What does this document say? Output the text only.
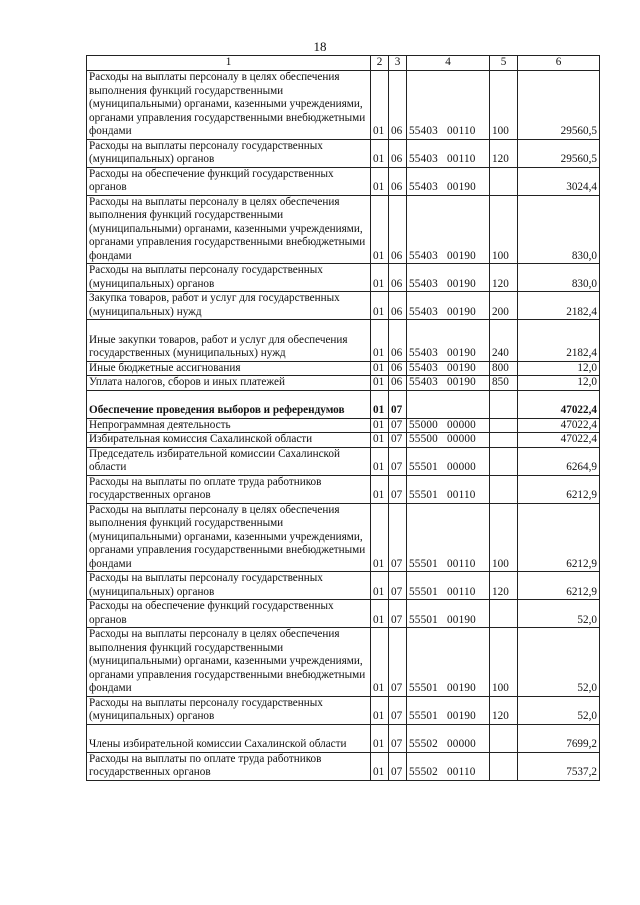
18
1	2	3	4	5	6
Расходы на выплаты персоналу в целях обеспечения выполнения функций государственными (муниципальными) органами, казенными учреждениями, органами управления государственными внебюджетными фондами	01	06	55403 00110	100	29560,5
Расходы на выплаты персоналу государственных (муниципальных) органов	01	06	55403 00110	120	29560,5
Расходы на обеспечение функций государственных органов	01	06	55403 00190		3024,4
Расходы на выплаты персоналу в целях обеспечения выполнения функций государственными (муниципальными) органами, казенными учреждениями, органами управления государственными внебюджетными фондами	01	06	55403 00190	100	830,0
Расходы на выплаты персоналу государственных (муниципальных) органов	01	06	55403 00190	120	830,0
Закупка товаров, работ и услуг для государственных (муниципальных) нужд	01	06	55403 00190	200	2182,4
Иные закупки товаров, работ и услуг для обеспечения государственных (муниципальных) нужд	01	06	55403 00190	240	2182,4
Иные бюджетные ассигнования	01	06	55403 00190	800	12,0
Уплата налогов, сборов и иных платежей	01	06	55403 00190	850	12,0
Обеспечение проведения выборов и референдумов	01	07			47022,4
Непрограммная деятельность	01	07	55000 00000		47022,4
Избирательная комиссия Сахалинской области	01	07	55500 00000		47022,4
Председатель избирательной комиссии Сахалинской области	01	07	55501 00000		6264,9
Расходы на выплаты по оплате труда работников государственных органов	01	07	55501 00110		6212,9
Расходы на выплаты персоналу в целях обеспечения выполнения функций государственными (муниципальными) органами, казенными учреждениями, органами управления государственными внебюджетными фондами	01	07	55501 00110	100	6212,9
Расходы на выплаты персоналу государственных (муниципальных) органов	01	07	55501 00110	120	6212,9
Расходы на обеспечение функций государственных органов	01	07	55501 00190		52,0
Расходы на выплаты персоналу в целях обеспечения выполнения функций государственными (муниципальными) органами, казенными учреждениями, органами управления государственными внебюджетными фондами	01	07	55501 00190	100	52,0
Расходы на выплаты персоналу государственных (муниципальных) органов	01	07	55501 00190	120	52,0
Члены избирательной комиссии Сахалинской области	01	07	55502 00000		7699,2
Расходы на выплаты по оплате труда работников государственных органов	01	07	55502 00110		7537,2
